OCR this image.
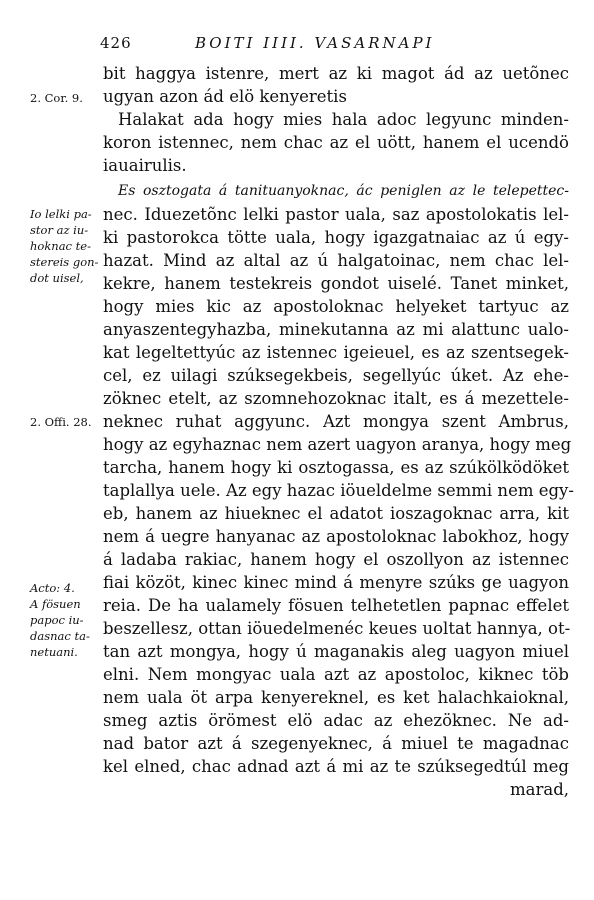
426	BOITI IIII. VASARNAPI
bit haggya istenre, mert az ki magot ád az uetõnec
ugyan azon ád elö kenyeretis
Halakat ada hogy mies hala adoc legyunc minden-
koron istennec, nem chac az el uött, hanem el ucendö
iauairulis.
Es osztogata á tanituanyoknac, ác peniglen az le telepettec-
nec. Iduezetõnc lelki pastor uala, saz apostolokatis lel-
ki pastorokca tötte uala, hogy igazgatnaiac az ú egy-
hazat. Mind az altal az ú halgatoinac, nem chac lel-
kekre, hanem testekreis gondot uiselé. Tanet minket,
hogy mies kic az apostoloknac helyeket tartyuc az
anyaszentegyhazba, minekutanna az mi alattunc ualo-
kat legeltettyúc az istennec igeieuel, es az szentsegek-
cel, ez uilagi szúksegekbeis, segellyúc úket. Az ehe-
zöknec etelt, az szomnehozoknac italt, es á mezettele-
neknec ruhat aggyunc. Azt mongya szent Ambrus,
hogy az egyhaznac nem azert uagyon aranya, hogy meg
tarcha, hanem hogy ki osztogassa, es az szúkölködöket
taplallya uele. Az egy hazac iöueldelme semmi nem egy-
eb, hanem az hiueknec el adatot ioszagoknac arra, kit
nem á uegre hanyanac az apostoloknac labokhoz, hogy
á ladaba rakiac, hanem hogy el oszollyon az istennec
fiai közöt, kinec kinec mind á menyre szúks ge uagyon
reia. De ha ualamely fösuen telhetetlen papnac effelet
beszellesz, ottan iöuedelmenéc keues uoltat hannya, ot-
tan azt mongya, hogy ú maganakis aleg uagyon miuel
elni. Nem mongyac uala azt az apostoloc, kiknec töb
nem uala öt arpa kenyereknel, es ket halachkaioknal,
smeg aztis örömest elö adac az ehezöknec. Ne ad-
nad bator azt á szegenyeknec, á miuel te magadnac
kel elned, chac adnad azt á mi az te szúksegedtúl meg
marad,
2. Cor. 9.
Io lelki pa-
stor az iu-
hoknac te-
stereis gon-
dot uisel,
2. Offi. 28.
Acto: 4.
A fösuen
papoc iu-
dasnac ta-
netuani.
